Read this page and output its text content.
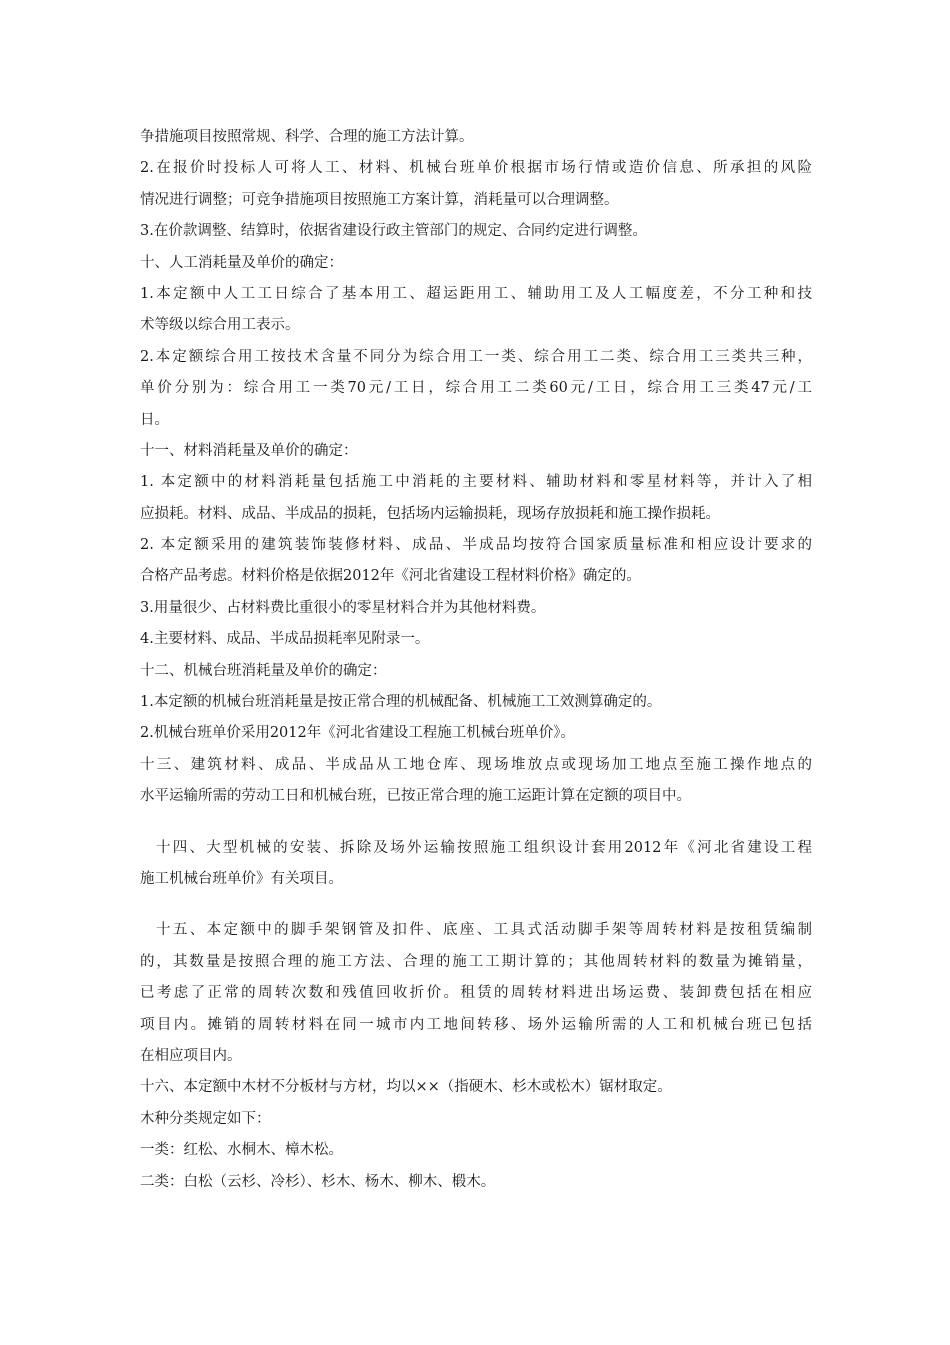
争措施项目按照常规、科学、合理的施工方法计算。
2.在报价时投标人可将人工、材料、机械台班单价根据市场行情或造价信息、所承担的风险
情况进行调整；可竞争措施项目按照施工方案计算，消耗量可以合理调整。
3.在价款调整、结算时，依据省建设行政主管部门的规定、合同约定进行调整。
十、人工消耗量及单价的确定：
1.本定额中人工工日综合了基本用工、超运距用工、辅助用工及人工幅度差，不分工种和技
术等级以综合用工表示。
2.本定额综合用工按技术含量不同分为综合用工一类、综合用工二类、综合用工三类共三种，
单价分别为：综合用工一类70元/工日，综合用工二类60元/工日，综合用工三类47元/工
日。
十一、材料消耗量及单价的确定：
1. 本定额中的材料消耗量包括施工中消耗的主要材料、辅助材料和零星材料等，并计入了相
应损耗。材料、成品、半成品的损耗，包括场内运输损耗，现场存放损耗和施工操作损耗。
2. 本定额采用的建筑装饰装修材料、成品、半成品均按符合国家质量标准和相应设计要求的
合格产品考虑。材料价格是依据2012年《河北省建设工程材料价格》确定的。
3.用量很少、占材料费比重很小的零星材料合并为其他材料费。
4.主要材料、成品、半成品损耗率见附录一。
十二、机械台班消耗量及单价的确定：
1.本定额的机械台班消耗量是按正常合理的机械配备、机械施工工效测算确定的。
2.机械台班单价采用2012年《河北省建设工程施工机械台班单价》。
十三、建筑材料、成品、半成品从工地仓库、现场堆放点或现场加工地点至施工操作地点的
水平运输所需的劳动工日和机械台班，已按正常合理的施工运距计算在定额的项目中。
十四、大型机械的安装、拆除及场外运输按照施工组织设计套用2012年《河北省建设工程
施工机械台班单价》有关项目。
十五、本定额中的脚手架钢管及扣件、底座、工具式活动脚手架等周转材料是按租赁编制
的，其数量是按照合理的施工方法、合理的施工工期计算的；其他周转材料的数量为摊销量，
已考虑了正常的周转次数和残值回收折价。租赁的周转材料进出场运费、装卸费包括在相应
项目内。摊销的周转材料在同一城市内工地间转移、场外运输所需的人工和机械台班已包括
在相应项目内。
十六、本定额中木材不分板材与方材，均以××（指硬木、杉木或松木）锯材取定。
木种分类规定如下：
一类：红松、水桐木、樟木松。
二类：白松（云杉、冷杉）、杉木、杨木、柳木、椴木。
